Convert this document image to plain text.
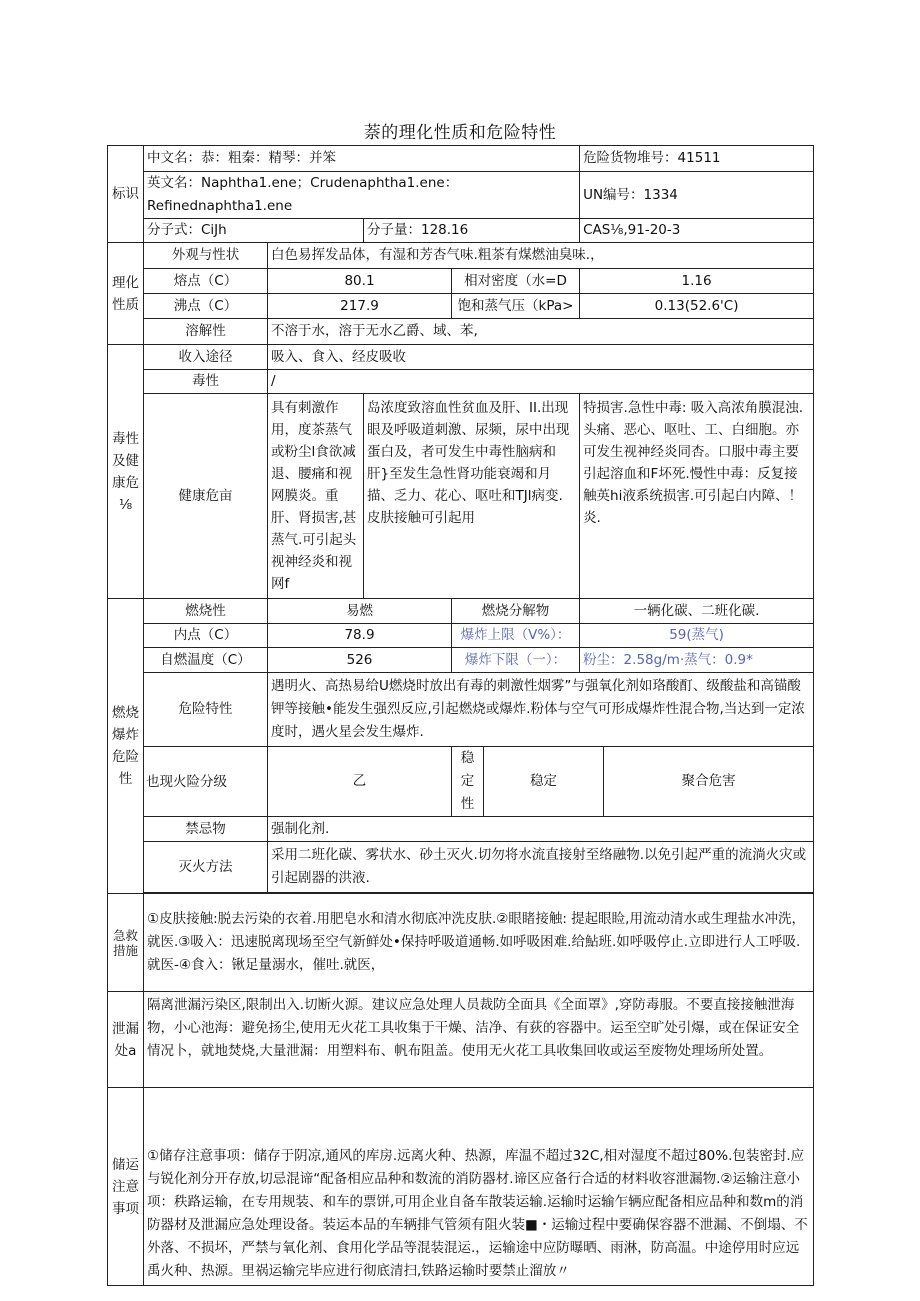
萘的理化性质和危险特性
标识	中文名：恭：粗秦：精琴：并笨					危险货物堆号：41511		
	英文名：Naphtha1.ene；Crudenaphtha1.ene：Refinednaphtha1.ene					UN编号：1334		
	分子式：CiJh		分子量：128.16			CAS⅛,91-20-3		
理化性质	外观与性状	白色易挥发品体，有湿和芳杏气味.粗茶有煤燃油臭味.，						
	熔点（C）	80.1		相对密度（水=D		1.16		
	沸点（C）	217.9		饱和蒸气压（kPa>		0.13(52.6'C)		
	溶解性	不溶于水，溶于无水乙爵、域、苯,						
毒性及健康危⅛	收入途径	吸入、食入、经皮吸收						
	毒性	/						
	健康危亩	具有刺激作用，度茶蒸气或粉尘l食欲减退、腰痛和视网膜炎。重肝、肾损害,甚蒸气.可引起头视神经炎和视网f	岛浓度致溶血性贫血及肝、II.出现眼及呼吸道刺激、尿频，尿中出现蛋白及，者可发生中毒性脑病和肝}至发生急性肾功能衰竭和月描、乏力、花心、呕吐和TJl病变.皮肤接触可引起用			特损害.急性中毒: 吸入高浓角膜混浊.头痛、恶心、呕吐、工、白细胞。亦可发生视神经炎同杏。口服中毒主要引起溶血和F坏死.慢性中毒：反复接触英hi液系统损害.可引起白内障、！炎.		
燃烧爆炸危险性	燃烧性	易燃		燃烧分解物		一辆化碳、二班化碳.		
	内点（C）	78.9		爆炸上限（V%）：		59(蒸气)		
	自燃温度（C）	526		爆炸下限（一）：		粉尘：2.58g/m·蒸气：0.9*		
	危险特性	遇明火、高热易给U燃烧时放出有毒的刺激性烟雾”与强氧化剂如珞酸酊、级酸盐和高锚酸钾等接触•能发生强烈反应,引起燃烧或爆炸.粉体与空气可形成爆炸性混合物,当达到一定浓度时，遇火星会发生爆炸.						
	也现火险分级	乙		稳定性	稳定		聚合危害	
	禁忌物	强制化剂.						
	灭火方法	采用二班化碳、雾状水、砂土灭火.切勿将水流直接射至络融物.以免引起严重的流淌火灾或引起剧器的洪液.						

急救措施	①皮肤接触:脱去污染的衣着.用肥皂水和清水彻底冲洗皮肤.②眼睹接触: 提起眼睑,用流动清水或生理盐水冲洗，就医.③吸入：迅速脱离现场至空气新鲜处•保持呼吸道通畅.如呼吸困难.给鮎班.如呼吸停止.立即进行人工呼吸.就医-④食入：锹足量溺水，催吐.就医，							
泄漏处a	隔离泄漏污染区,限制出入.切断火源。建议应急处理人员裁防全面具《全面罩》,穿防毒服。不要直接接触泄海物，小心池海：避免扬尘,使用无火花工具收集于干燥、洁净、有荻的容器中。运至空旷处引爆，或在保证安全情况卜，就地焚烧,大量泄漏：用塑料布、帆布阻盖。使用无火花工具收集回收或运至废物处理场所处置。							
储运注意事项	①储存注意事项：储存于阴凉,通风的库房.远离火种、热源，库温不超过32C,相对湿度不超过80%.包装密封.应与锐化剂分开存放,切忌混谛“配备相应品种和数流的消防器材.谛区应备行合适的材料收容泄漏物.②运输注意小项：秩路运输，在专用规装、和车的票饼,可用企业自备车散装运输.运输时运输乍辆应配备相应品种和数m的消防器材及泄漏应急处理设备。装运本品的车辆排气管须有阻火装■・运输过程中要确保容器不泄漏、不倒塌、不外落、不损坏，严禁与氧化剂、食用化学品等混装混运.，运输途中应防曝晒、雨淋，防高温。中途停用时应远禹火种、热源。里祸运输完毕应进行彻底清扫,铁路运输时要禁止溜放〃							
